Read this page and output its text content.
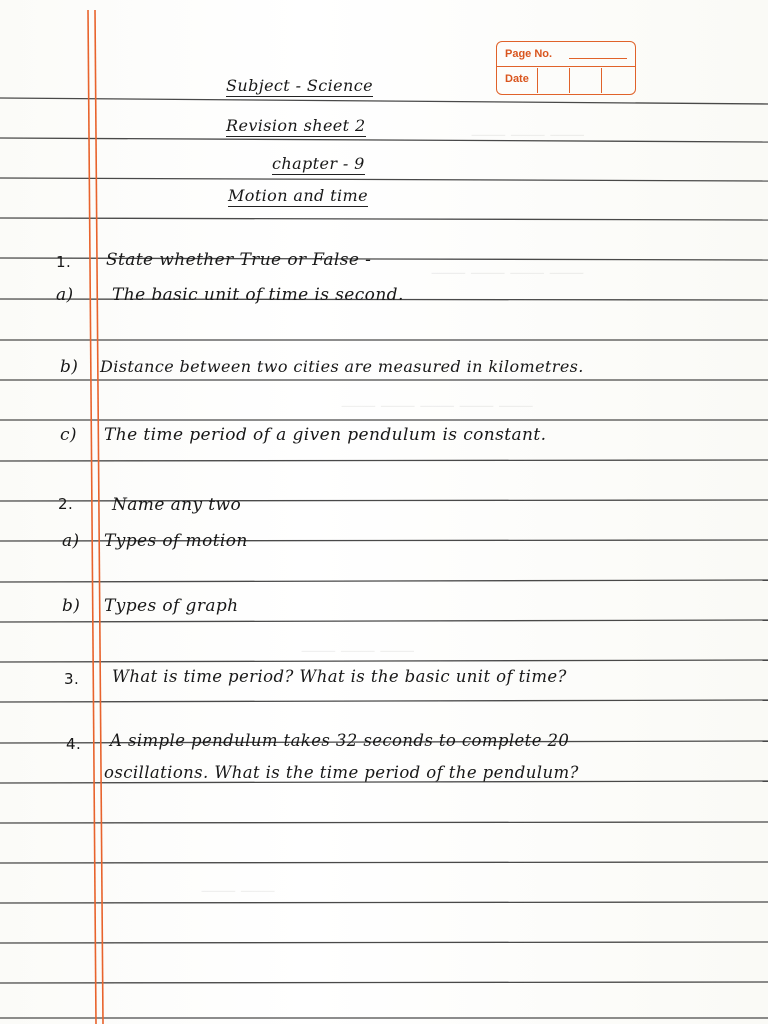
⸻ ⸻ ⸻
⸻ ⸻ ⸻ ⸻
⸻ ⸻ ⸻ ⸻ ⸻
⸻ ⸻ ⸻
⸻ ⸻
Page No.
Date
Subject - Science
Revision sheet 2
chapter - 9
Motion and time
1. State whether True or False -
a) The basic unit of time is second.
b) Distance between two cities are measured in kilometres.
c) The time period of a given pendulum is constant.
2. Name any two
a) Types of motion
b) Types of graph
3. What is time period? What is the basic unit of time?
4. A simple pendulum takes 32 seconds to complete 20
oscillations. What is the time period of the pendulum?
